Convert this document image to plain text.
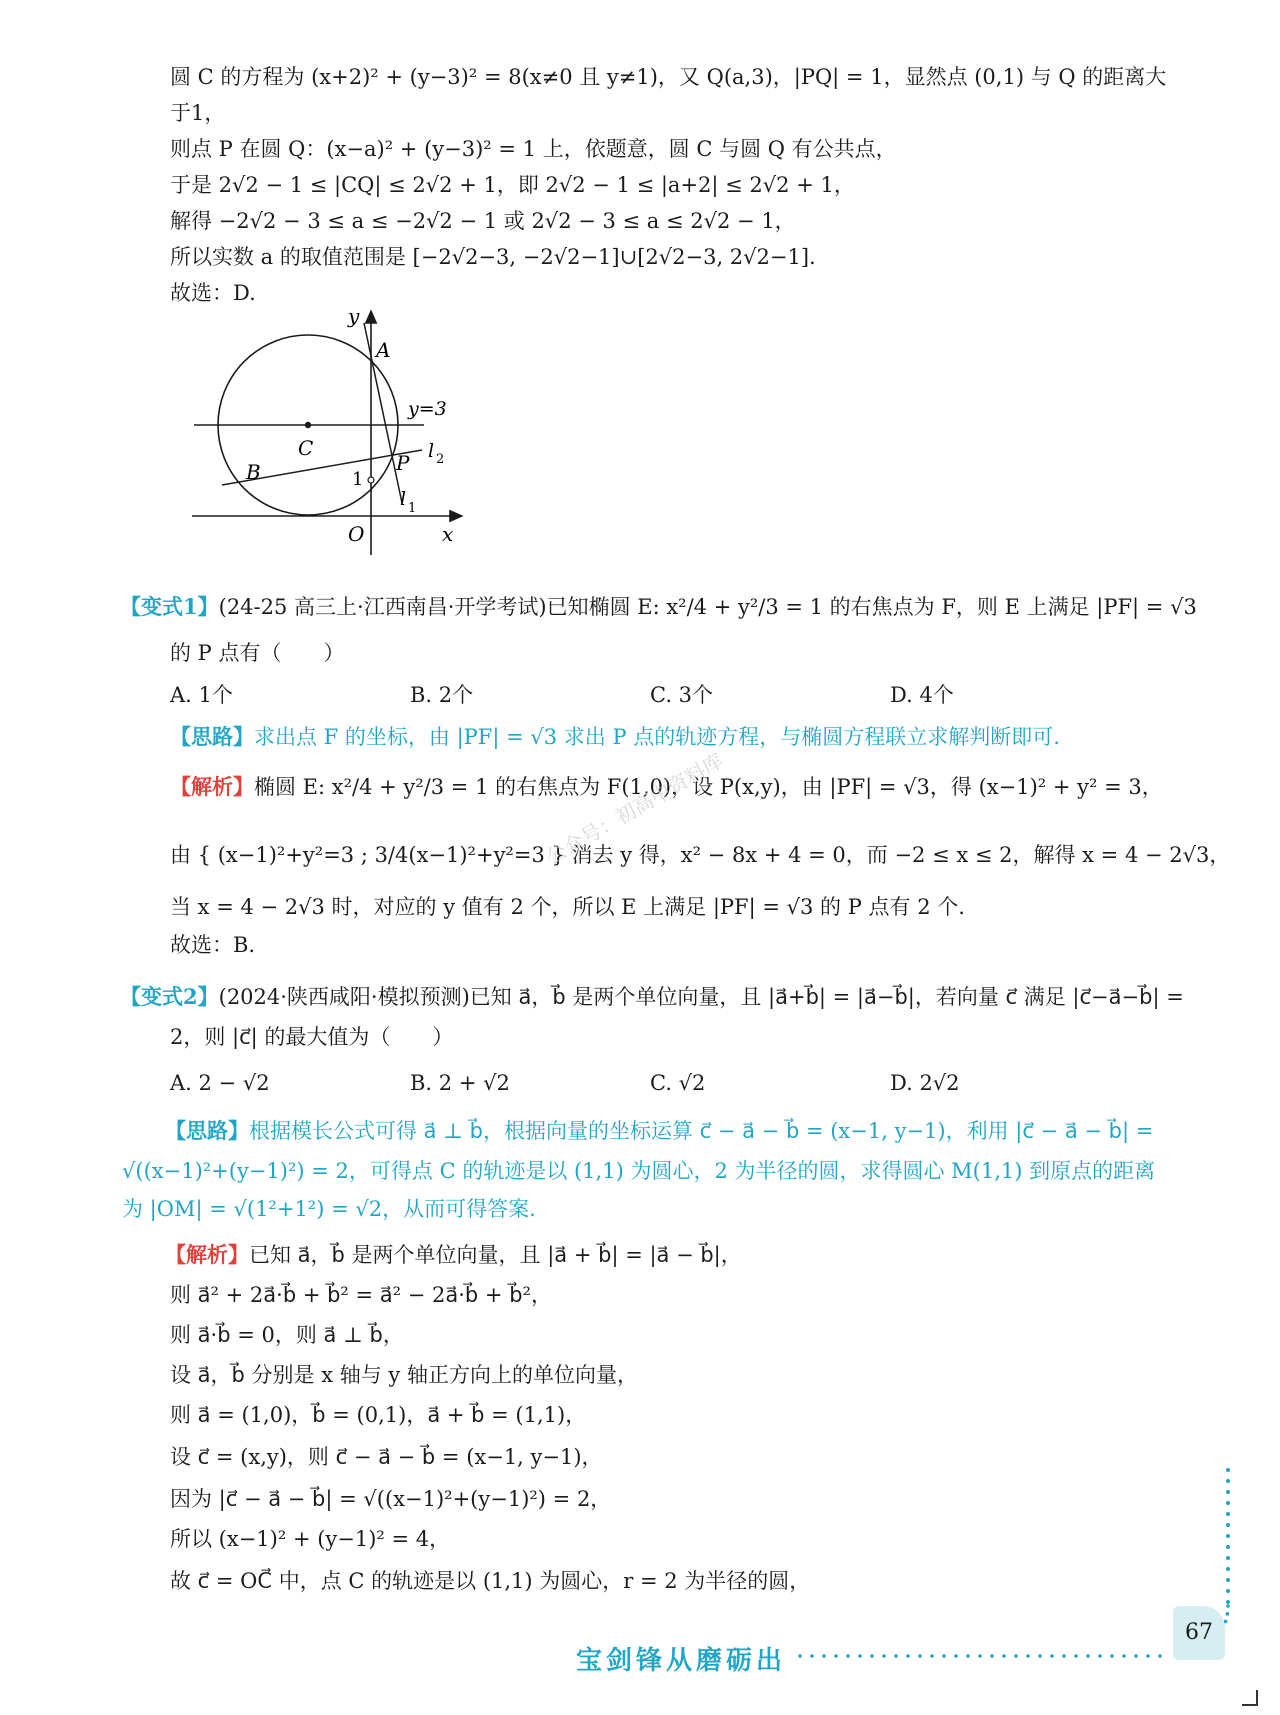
圆 C 的方程为 (x+2)² + (y−3)² = 8(x≠0 且 y≠1)，又 Q(a,3)，|PQ| = 1，显然点 (0,1) 与 Q 的距离大
于1，
则点 P 在圆 Q：(x−a)² + (y−3)² = 1 上，依题意，圆 C 与圆 Q 有公共点，
于是 2√2 − 1 ≤ |CQ| ≤ 2√2 + 1，即 2√2 − 1 ≤ |a+2| ≤ 2√2 + 1，
解得 −2√2 − 3 ≤ a ≤ −2√2 − 1 或 2√2 − 3 ≤ a ≤ 2√2 − 1，
所以实数 a 的取值范围是 [−2√2−3, −2√2−1]∪[2√2−3, 2√2−1].
故选：D.
y
A
y=3
C
P l 2
B	1
l 1
O	x
【变式1】(24-25 高三上·江西南昌·开学考试)已知椭圆 E: x²/4 + y²/3 = 1 的右焦点为 F，则 E 上满足 |PF| = √3
的 P 点有（　　）
A. 1个	B. 2个	C. 3个	D. 4个
【思路】求出点 F 的坐标，由 |PF| = √3 求出 P 点的轨迹方程，与椭圆方程联立求解判断即可.
【解析】椭圆 E: x²/4 + y²/3 = 1 的右焦点为 F(1,0)，设 P(x,y)，由 |PF| = √3，得 (x−1)² + y² = 3，
由 { (x−1)²+y²=3 ; 3/4(x−1)²+y²=3 } 消去 y 得，x² − 8x + 4 = 0，而 −2 ≤ x ≤ 2，解得 x = 4 − 2√3，
当 x = 4 − 2√3 时，对应的 y 值有 2 个，所以 E 上满足 |PF| = √3 的 P 点有 2 个.
故选：B.
公众号：初高中资料库
【变式2】(2024·陕西咸阳·模拟预测)已知 a⃗，b⃗ 是两个单位向量，且 |a⃗+b⃗| = |a⃗−b⃗|，若向量 c⃗ 满足 |c⃗−a⃗−b⃗| =
2，则 |c⃗| 的最大值为（　　）
A. 2 − √2	B. 2 + √2	C. √2	D. 2√2
【思路】根据模长公式可得 a⃗ ⊥ b⃗，根据向量的坐标运算 c⃗ − a⃗ − b⃗ = (x−1, y−1)，利用 |c⃗ − a⃗ − b⃗| =
√((x−1)²+(y−1)²) = 2，可得点 C 的轨迹是以 (1,1) 为圆心，2 为半径的圆，求得圆心 M(1,1) 到原点的距离
为 |OM| = √(1²+1²) = √2，从而可得答案.
【解析】已知 a⃗，b⃗ 是两个单位向量，且 |a⃗ + b⃗| = |a⃗ − b⃗|，
则 a⃗² + 2a⃗·b⃗ + b⃗² = a⃗² − 2a⃗·b⃗ + b⃗²，
则 a⃗·b⃗ = 0，则 a⃗ ⊥ b⃗，
设 a⃗，b⃗ 分别是 x 轴与 y 轴正方向上的单位向量，
则 a⃗ = (1,0)，b⃗ = (0,1)，a⃗ + b⃗ = (1,1)，
设 c⃗ = (x,y)，则 c⃗ − a⃗ − b⃗ = (x−1, y−1)，
因为 |c⃗ − a⃗ − b⃗| = √((x−1)²+(y−1)²) = 2，
所以 (x−1)² + (y−1)² = 4，
故 c⃗ = OC⃗ 中，点 C 的轨迹是以 (1,1) 为圆心，r = 2 为半径的圆，
67
宝剑锋从磨砺出
